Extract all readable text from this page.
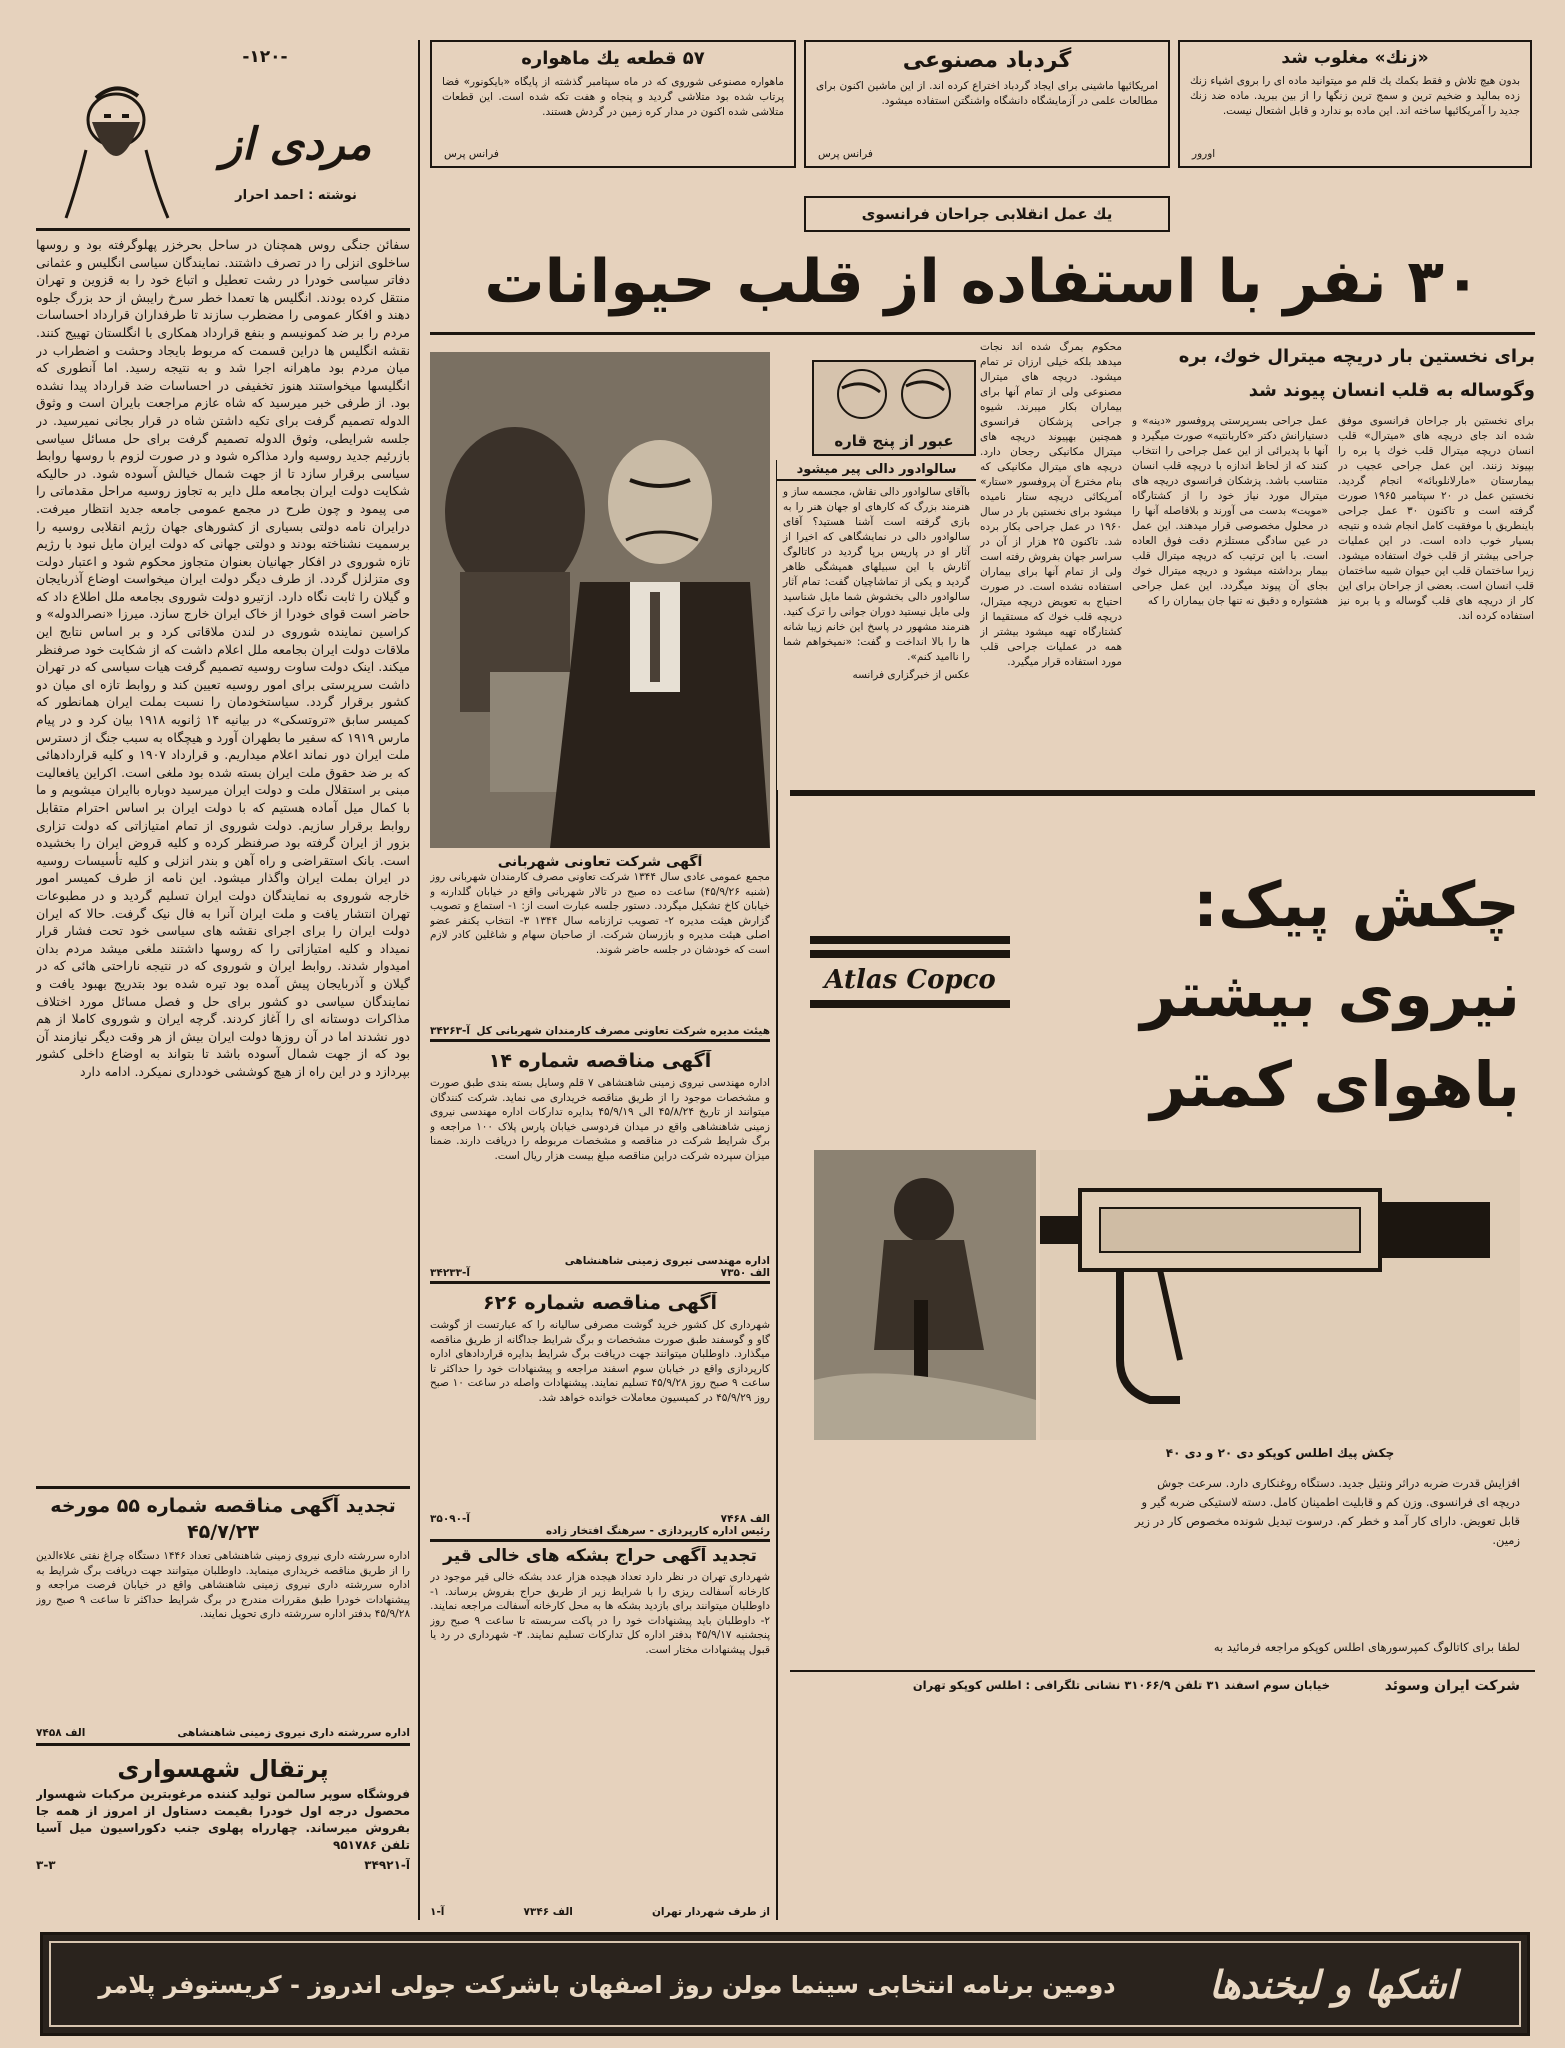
-۱۲۰-
مردی از
نوشته : احمد احرار
سفائن جنگی روس همچنان در ساحل بحرخزر پهلوگرفته بود و روسها ساخلوی انزلی را در تصرف داشتند. نمایندگان سیاسی انگلیس و عثمانی دفاتر سیاسی خودرا در رشت تعطیل و اتباع خود را به قزوین و تهران منتقل کرده بودند. انگلیس ها تعمدا خطر سرخ رایبش از حد بزرگ جلوه دهند و افکار عمومی را مضطرب سازند تا طرفداران قرارداد احساسات مردم را بر ضد کمونیسم و بنفع قرارداد همکاری با انگلستان تهییج کنند. نقشه انگلیس ها دراین قسمت که مربوط بایجاد وحشت و اضطراب در میان مردم بود ماهرانه اجرا شد و به نتیجه رسید. اما آنطوری که انگلیسها میخواستند هنوز تخفیفی در احساسات ضد قرارداد پیدا نشده بود. از طرفی خبر میرسید که شاه عازم مراجعت بایران است و وثوق الدوله تصمیم گرفت برای تکیه داشتن شاه در قرار بجانی نمیرسید. در جلسه شرایطی، وثوق الدوله تصمیم گرفت برای حل مسائل سیاسی بازرئیم جدید روسیه وارد مذاکره شود و در صورت لزوم با روسها روابط سیاسی برقرار سازد تا از جهت شمال خیالش آسوده شود. در حالیکه شکایت دولت ایران بجامعه ملل دایر به تجاوز روسیه مراحل مقدماتی را می پیمود و چون طرح در مجمع عمومی جامعه جدید انتظار میرفت. درایران نامه دولتی بسیاری از کشورهای جهان رژیم انقلابی روسیه را برسمیت نشناخته بودند و دولتی جهانی که دولت ایران مایل نبود با رژیم تازه شوروی در افکار جهانیان بعنوان متجاوز محکوم شود و اعتبار دولت وی متزلزل گردد. از طرف دیگر دولت ایران میخواست اوضاع آذربایجان و گیلان را ثابت نگاه دارد. ازتیرو دولت شوروی بجامعه ملل اطلاع داد که حاضر است قوای خودرا از خاک ایران خارج سازد. میرزا «نصرالدوله» و کراسین نماینده شوروی در لندن ملاقاتی کرد و بر اساس نتایج این ملاقات دولت ایران بجامعه ملل اعلام داشت که از شکایت خود صرفنظر میکند. اینک دولت ساوت روسیه تصمیم گرفت هیات سیاسی که در تهران داشت سرپرستی برای امور روسیه تعیین کند و روابط تازه ای میان دو کشور برقرار گردد. سیاستخودمان را نسبت بملت ایران همانطور که کمیسر سابق «تروتسکی» در بیانیه ۱۴ ژانویه ۱۹۱۸ بیان کرد و در پیام مارس ۱۹۱۹ که سفیر ما بطهران آورد و هیچگاه به سبب جنگ از دسترس ملت ایران دور نماند اعلام میداریم. و قرارداد ۱۹۰۷ و کلیه قراردادهائی که بر ضد حقوق ملت ایران بسته شده بود ملغی است. اکراین یافعالیت مبنی بر استقلال ملت و دولت ایران میرسید دوباره باایران میشویم و ما با کمال میل آماده هستیم که با دولت ایران بر اساس احترام متقابل روابط برقرار سازیم. دولت شوروی از تمام امتیازاتی که دولت تزاری بزور از ایران گرفته بود صرفنظر کرده و کلیه قروض ایران را بخشیده است. بانک استقراضی و راه آهن و بندر انزلی و کلیه تأسیسات روسیه در ایران بملت ایران واگذار میشود. این نامه از طرف کمیسر امور خارجه شوروی به نمایندگان دولت ایران تسلیم گردید و در مطبوعات تهران انتشار یافت و ملت ایران آنرا به فال نیک گرفت. حالا که ایران دولت ایران را برای اجرای نقشه های سیاسی خود تحت فشار قرار نمیداد و کلیه امتیازاتی را که روسها داشتند ملغی میشد مردم بدان امیدوار شدند. روابط ایران و شوروی که در نتیجه ناراحتی هائی که در گیلان و آذربایجان پیش آمده بود تیره شده بود بتدریج بهبود یافت و نمایندگان سیاسی دو کشور برای حل و فصل مسائل مورد اختلاف مذاکرات دوستانه ای را آغاز کردند. گرچه ایران و شوروی کاملا از هم دور نشدند اما در آن روزها دولت ایران بیش از هر وقت دیگر نیازمند آن بود که از جهت شمال آسوده باشد تا بتواند به اوضاع داخلی کشور بپردازد و در این راه از هیچ کوششی خودداری نمیکرد. ادامه دارد
۵۷ قطعه یك ماهواره
ماهواره مصنوعی شوروی که در ماه سپتامبر گذشته از پایگاه «بایکونور» فضا پرتاب شده بود متلاشی گردید و پنجاه و هفت تکه شده است. این قطعات متلاشی شده اکنون در مدار کره زمین در گردش هستند.
فرانس پرس
گردباد مصنوعی
امریکائیها ماشینی برای ایجاد گردباد اختراع کرده اند. از این ماشین اکنون برای مطالعات علمی در آزمایشگاه دانشگاه واشنگتن استفاده میشود.
فرانس پرس
«زنك» مغلوب شد
بدون هیچ تلاش و فقط بکمك یك قلم مو میتوانید ماده ای را بروی اشیاء زنك زده بمالید و ضخیم ترین و سمج ترین زنگها را از بین ببرید. ماده ضد زنك جدید را آمریکائیها ساخته اند. این ماده بو ندارد و قابل اشتعال نیست.
اورور
یك عمل انقلابی جراحان فرانسوی
۳۰ نفر با استفاده از قلب حیوانات
برای نخستین بار دریچه میترال خوك، بره
وگوساله به قلب انسان پیوند شد
برای نخستین بار جراحان فرانسوی موفق شده اند جای دریچه های «میترال» قلب انسان دریچه میترال قلب خوك یا بره را بپیوند زنند. این عمل جراحی عجیب در بیمارستان «مارلانلوبائه» انجام گردید. نخستین عمل در ۲۰ سپتامبر ۱۹۶۵ صورت گرفته است و تاکنون ۳۰ عمل جراحی باینطریق با موفقیت کامل انجام شده و نتیجه بسیار خوب داده است. در این عملیات جراحی بیشتر از قلب خوك استفاده میشود. زیرا ساختمان قلب این حیوان شبیه ساختمان قلب انسان است. بعضی از جراحان برای این کار از دریچه های قلب گوساله و یا بره نیز استفاده کرده اند.
عمل جراحی بسرپرستی پروفسور «دینه» و دستیارانش دکتر «کاربانتیه» صورت میگیرد و آنها با پدیرائی از این عمل جراحی را انتخاب کنند که از لحاظ اندازه با دریچه قلب انسان متناسب باشد. پزشکان فرانسوی دریچه های میترال مورد نیاز خود را از کشتارگاه «مویت» بدست می آورند و بلافاصله آنها را در محلول مخصوصی قرار میدهند. این عمل در عین سادگی مستلزم دقت فوق العاده است. با این ترتیب که دریچه میترال قلب بیمار برداشته میشود و دریچه میترال خوك بجای آن پیوند میگردد. این عمل جراحی هشتواره و دقیق نه تنها جان بیماران را که
محکوم بمرگ شده اند نجات میدهد بلکه خیلی ارزان تر تمام میشود. دریچه های میترال مصنوعی ولی از تمام آنها برای بیماران بکار میبرند. شیوه جراحی پزشکان فرانسوی همچنین بهپیوند دریچه های میترال مکانیکی رجحان دارد. دریچه های میترال مکانیکی که بنام مخترع آن پروفسور «ستار» آمریکائی دریچه ستار نامیده میشود برای نخستین بار در سال ۱۹۶۰ در عمل جراحی بکار برده شد. تاکنون ۲۵ هزار از آن در سراسر جهان بفروش رفته است ولی از تمام آنها برای بیماران استفاده نشده است. در صورت احتیاج به تعویض دریچه میترال، دریچه قلب خوك که مستقیما از کشتارگاه تهیه میشود بیشتر از همه در عملیات جراحی قلب مورد استفاده قرار میگیرد.
عبور از پنج قاره
سالوادور دالی پیر میشود
باآقای سالوادور دالی نقاش، مجسمه ساز و هنرمند بزرگ که کارهای او جهان هنر را به بازی گرفته است آشنا هستید؟ آقای سالوادور دالی در نمایشگاهی که اخیرا از آثار او در پاریس برپا گردید در کاتالوگ آثارش با این سبیلهای همیشگی ظاهر گردید و یکی از تماشاچیان گفت: تمام آثار سالوادور دالی بخشوش شما مایل شناسید ولی مایل نیستید دوران جوانی را ترک کنید. هنرمند مشهور در پاسخ این خانم زیبا شانه ها را بالا انداخت و گفت: «نمیخواهم شما را ناامید کنم».
عکس از خبرگزاری فرانسه
آگهی شرکت تعاونی شهربانی
مجمع عمومی عادی سال ۱۳۴۴ شرکت تعاونی مصرف کارمندان شهربانی روز (شنبه ۴۵/۹/۲۶) ساعت ده صبح در تالار شهربانی واقع در خیابان گلدارنه و خیابان کاخ تشکیل میگردد. دستور جلسه عبارت است از: ۱- استماع و تصویب گزارش هیئت مدیره ۲- تصویب ترازنامه سال ۱۳۴۴ ۳- انتخاب یکنفر عضو اصلی هیئت مدیره و بازرسان شرکت. از صاحبان سهام و شاغلین کادر لازم است که خودشان در جلسه حاضر شوند.
هیئت مدیره شرکت تعاونی مصرف کارمندان شهربانی کل
آ-۳۴۲۶۳
آگهی مناقصه شماره ۱۴
اداره مهندسی نیروی زمینی شاهنشاهی ۷ قلم وسایل بسته بندی طبق صورت و مشخصات موجود را از طریق مناقصه خریداری می نماید. شرکت کنندگان میتوانند از تاریخ ۴۵/۸/۲۴ الی ۴۵/۹/۱۹ بدایره تدارکات اداره مهندسی نیروی زمینی شاهنشاهی واقع در میدان فردوسی خیابان پارس پلاک ۱۰۰ مراجعه و برگ شرایط شرکت در مناقصه و مشخصات مربوطه را دریافت دارند. ضمنا میزان سپرده شرکت دراین مناقصه مبلغ بیست هزار ریال است.
اداره مهندسی نیروی زمینی شاهنشاهی
الف ۷۳۵۰
آ-۳۴۲۳۳
آگهی مناقصه شماره ۶۲۶
شهرداری کل کشور خرید گوشت مصرفی سالیانه را که عبارتست از گوشت گاو و گوسفند طبق صورت مشخصات و برگ شرایط جداگانه از طریق مناقصه میگذارد. داوطلبان میتوانند جهت دریافت برگ شرایط بدایره قراردادهای اداره کارپردازی واقع در خیابان سوم اسفند مراجعه و پیشنهادات خود را حداکثر تا ساعت ۹ صبح روز ۴۵/۹/۲۸ تسلیم نمایند. پیشنهادات واصله در ساعت ۱۰ صبح روز ۴۵/۹/۲۹ در کمیسیون معاملات خوانده خواهد شد.
الف ۷۴۶۸
آ-۳۵۰۹۰
رئیس اداره کارپردازی - سرهنگ افتخار زاده
تجدید آگهی مناقصه شماره ۵۵ مورخه ۴۵/۷/۲۳
اداره سررشته داری نیروی زمینی شاهنشاهی تعداد ۱۴۴۶ دستگاه چراغ نفتی علاءالدین را از طریق مناقصه خریداری مینماید. داوطلبان میتوانند جهت دریافت برگ شرایط به اداره سررشته داری نیروی زمینی شاهنشاهی واقع در خیابان فرصت مراجعه و پیشنهادات خودرا طبق مقررات مندرج در برگ شرایط حداکثر تا ساعت ۹ صبح روز ۴۵/۹/۲۸ بدفتر اداره سررشته داری تحویل نمایند.
اداره سررشته داری نیروی زمینی شاهنشاهی
الف ۷۴۵۸
پرتقال شهسواری
فروشگاه سوپر سالمن تولید کننده مرغوبترین مرکبات شهسوار محصول درجه اول خودرا بقیمت دستاول از امروز از همه جا بفروش میرساند. چهارراه پهلوی جنب دکوراسیون میل آسیا تلفن ۹۵۱۷۸۶
آ-۳۴۹۲۱
۳-۳
تجدید آگهی حراج بشکه های خالی قیر
شهرداری تهران در نظر دارد تعداد هیجده هزار عدد بشکه خالی قیر موجود در کارخانه آسفالت ریزی را با شرایط زیر از طریق حراج بفروش برساند. ۱- داوطلبان میتوانند برای بازدید بشکه ها به محل کارخانه آسفالت مراجعه نمایند. ۲- داوطلبان باید پیشنهادات خود را در پاکت سربسته تا ساعت ۹ صبح روز پنجشنبه ۴۵/۹/۱۷ بدفتر اداره کل تدارکات تسلیم نمایند. ۳- شهرداری در رد یا قبول پیشنهادات مختار است.
از طرف شهردار تهران
الف ۷۳۴۶
آ-۱
Atlas Copco
چکش پیک:
نیروی بیشتر
باهوای کمتر
چکش پیك اطلس کوپکو دی ۲۰ و دی ۴۰
افزایش قدرت ضربه دراثر ونتیل جدید. دستگاه روغنکاری دارد. سرعت جوش دریچه ای فرانسوی. وزن کم و قابلیت اطمینان کامل. دسته لاستیکی ضربه گیر و قابل تعویض. دارای کار آمد و خطر کم. درسوت تبدیل شونده مخصوص کار در زیر زمین.
لطفا برای کاتالوگ کمپرسورهای اطلس کوپکو مراجعه فرمائید به
شرکت ایران وسوئد
خیابان سوم اسفند ۳۱ تلفن ۳۱۰۶۶/۹ نشانی تلگرافی : اطلس کوپکو تهران
اشکها و لبخندها
دومین برنامه انتخابی سینما مولن روژ اصفهان باشرکت جولی اندروز - کریستوفر پلامر
